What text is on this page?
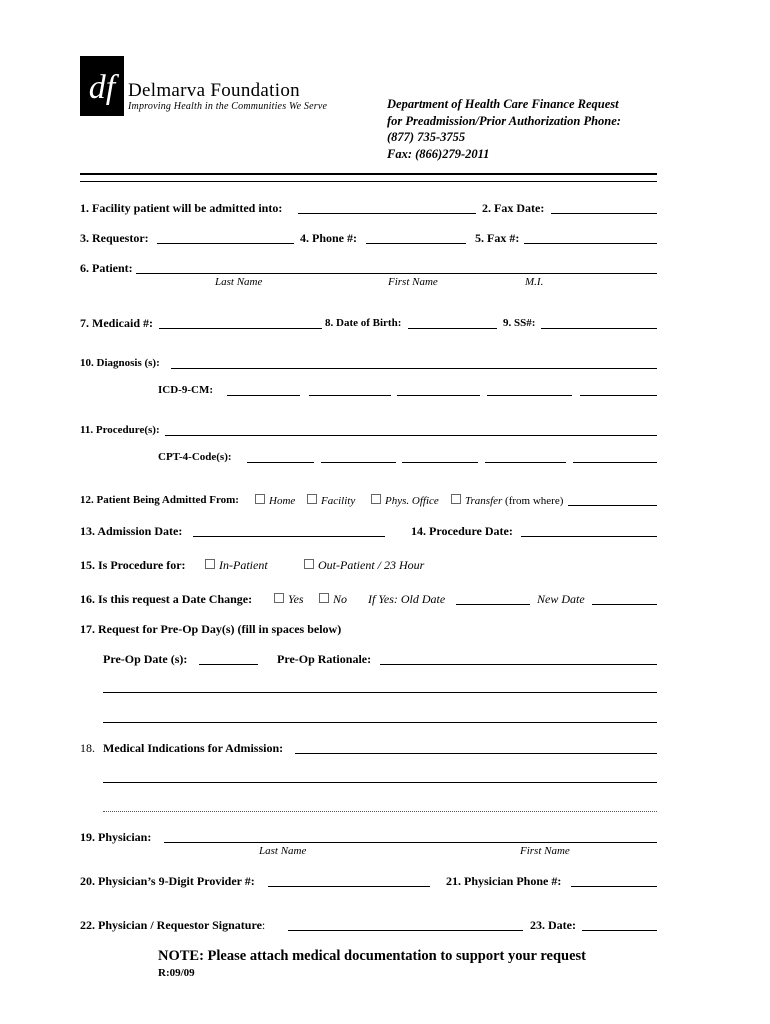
df Delmarva Foundation
Improving Health in the Communities We Serve	Department of Health Care Finance Request
for Preadmission/Prior Authorization Phone:
(877) 735-3755
Fax: (866)279-2011
1. Facility patient will be admitted into:	2. Fax Date:
3. Requestor:	4. Phone #:	5. Fax #:
6. Patient:
Last Name	First Name	M.I.
7. Medicaid #:	8. Date of Birth:	9. SS#:
10. Diagnosis (s):
ICD-9-CM:
11. Procedure(s):
CPT-4-Code(s):
12. Patient Being Admitted From:	Home	Facility	Phys. Office	Transfer (from where)
13. Admission Date:	14. Procedure Date:
15. Is Procedure for:	In-Patient	Out-Patient / 23 Hour
16. Is this request a Date Change:	Yes	No If Yes: Old Date	New Date
17. Request for Pre-Op Day(s) (fill in spaces below)
Pre-Op Date (s):	Pre-Op Rationale:
18. Medical Indications for Admission:
19. Physician:
Last Name	First Name
20. Physician’s 9-Digit Provider #:	21. Physician Phone #:
22. Physician / Requestor Signature:	23. Date:
NOTE: Please attach medical documentation to support your request
R:09/09
